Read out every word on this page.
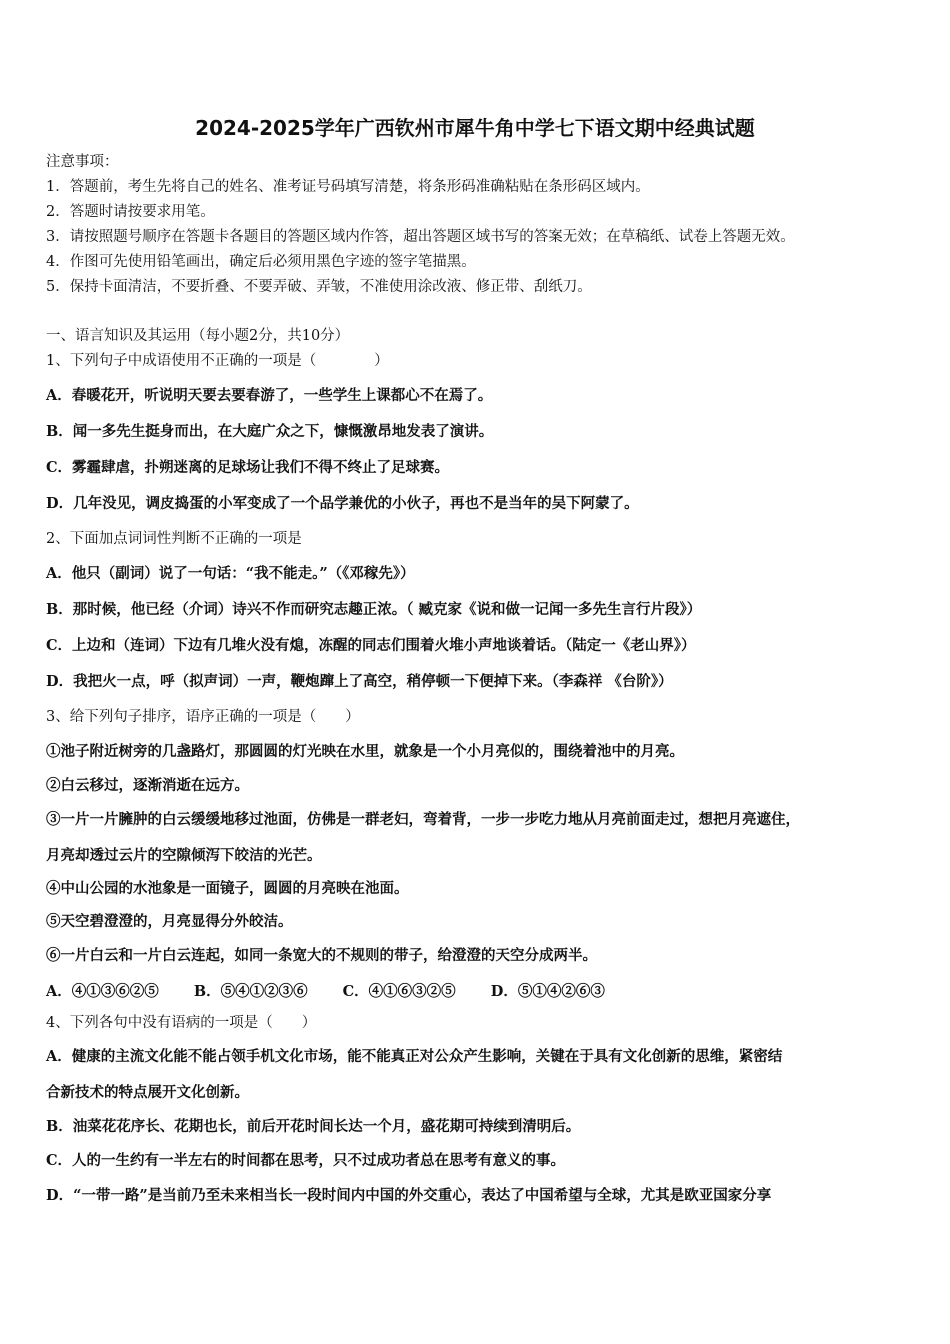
2024-2025学年广西钦州市犀牛角中学七下语文期中经典试题
注意事项：
1．答题前，考生先将自己的姓名、准考证号码填写清楚，将条形码准确粘贴在条形码区域内。
2．答题时请按要求用笔。
3．请按照题号顺序在答题卡各题目的答题区域内作答，超出答题区域书写的答案无效；在草稿纸、试卷上答题无效。
4．作图可先使用铅笔画出，确定后必须用黑色字迹的签字笔描黑。
5．保持卡面清洁，不要折叠、不要弄破、弄皱，不准使用涂改液、修正带、刮纸刀。
一、语言知识及其运用（每小题2分，共10分）
1、下列句子中成语使用不正确的一项是（　　　　）
A．春暖花开，听说明天要去要春游了，一些学生上课都心不在焉了。
B．闻一多先生挺身而出，在大庭广众之下，慷慨激昂地发表了演讲。
C．雾霾肆虐，扑朔迷离的足球场让我们不得不终止了足球赛。
D．几年没见，调皮捣蛋的小军变成了一个品学兼优的小伙子，再也不是当年的吴下阿蒙了。
2、下面加点词词性判断不正确的一项是
A．他只（副词）说了一句话：“我不能走。”（《邓稼先》）
B．那时候，他已经（介词）诗兴不作而研究志趣正浓。（ 臧克家《说和做一记闻一多先生言行片段》）
C．上边和（连词）下边有几堆火没有熄，冻醒的同志们围着火堆小声地谈着话。（陆定一《老山界》）
D．我把火一点，呼（拟声词）一声，鞭炮蹿上了高空，稍停顿一下便掉下来。（李森祥 《台阶》）
3、给下列句子排序，语序正确的一项是（　　）
①池子附近树旁的几盏路灯，那圆圆的灯光映在水里，就象是一个小月亮似的，围绕着池中的月亮。
②白云移过，逐渐消逝在远方。
③一片一片臃肿的白云缓缓地移过池面，仿佛是一群老妇，弯着背，一步一步吃力地从月亮前面走过，想把月亮遮住，
月亮却透过云片的空隙倾泻下皎洁的光芒。
④中山公园的水池象是一面镜子，圆圆的月亮映在池面。
⑤天空碧澄澄的，月亮显得分外皎洁。
⑥一片白云和一片白云连起，如同一条宽大的不规则的带子，给澄澄的天空分成两半。
A．④①③⑥②⑤ B．⑤④①②③⑥ C．④①⑥③②⑤ D．⑤①④②⑥③
4、下列各句中没有语病的一项是（　　）
A．健康的主流文化能不能占领手机文化市场，能不能真正对公众产生影响，关键在于具有文化创新的思维，紧密结
合新技术的特点展开文化创新。
B．油菜花花序长、花期也长，前后开花时间长达一个月，盛花期可持续到清明后。
C．人的一生约有一半左右的时间都在思考，只不过成功者总在思考有意义的事。
D．“一带一路”是当前乃至未来相当长一段时间内中国的外交重心，表达了中国希望与全球，尤其是欧亚国家分享
